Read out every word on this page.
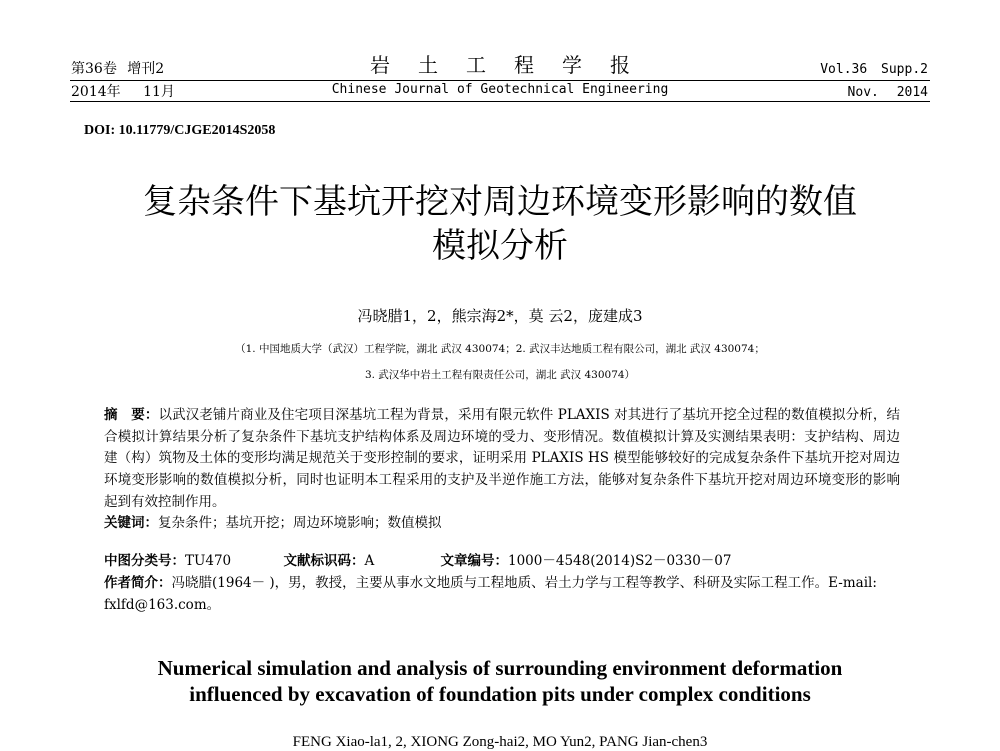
第36卷 增刊2
2014年 11月
岩土工程学报
Chinese Journal of Geotechnical Engineering
Vol.36 Supp.2
Nov. 2014
DOI: 10.11779/CJGE2014S2058
复杂条件下基坑开挖对周边环境变形影响的数值
模拟分析
冯晓腊1，2，熊宗海2*，莫 云2，庞建成3
（1. 中国地质大学（武汉）工程学院，湖北 武汉 430074；2. 武汉丰达地质工程有限公司，湖北 武汉 430074；
3. 武汉华中岩土工程有限责任公司，湖北 武汉 430074）
摘　要：以武汉老铺片商业及住宅项目深基坑工程为背景，采用有限元软件 PLAXIS 对其进行了基坑开挖全过程的数值模拟分析，结合模拟计算结果分析了复杂条件下基坑支护结构体系及周边环境的受力、变形情况。数值模拟计算及实测结果表明：支护结构、周边建（构）筑物及土体的变形均满足规范关于变形控制的要求，证明采用 PLAXIS HS 模型能够较好的完成复杂条件下基坑开挖对周边环境变形影响的数值模拟分析，同时也证明本工程采用的支护及半逆作施工方法，能够对复杂条件下基坑开挖对周边环境变形的影响起到有效控制作用。
关键词：复杂条件；基坑开挖；周边环境影响；数值模拟
中图分类号：TU470	文献标识码：A	文章编号：1000－4548(2014)S2－0330－07
作者简介：冯晓腊(1964－ )，男，教授，主要从事水文地质与工程地质、岩土力学与工程等教学、科研及实际工程工作。E-mail: fxlfd@163.com。
Numerical simulation and analysis of surrounding environment deformation
influenced by excavation of foundation pits under complex conditions
FENG Xiao-la1, 2, XIONG Zong-hai2, MO Yun2, PANG Jian-chen3
